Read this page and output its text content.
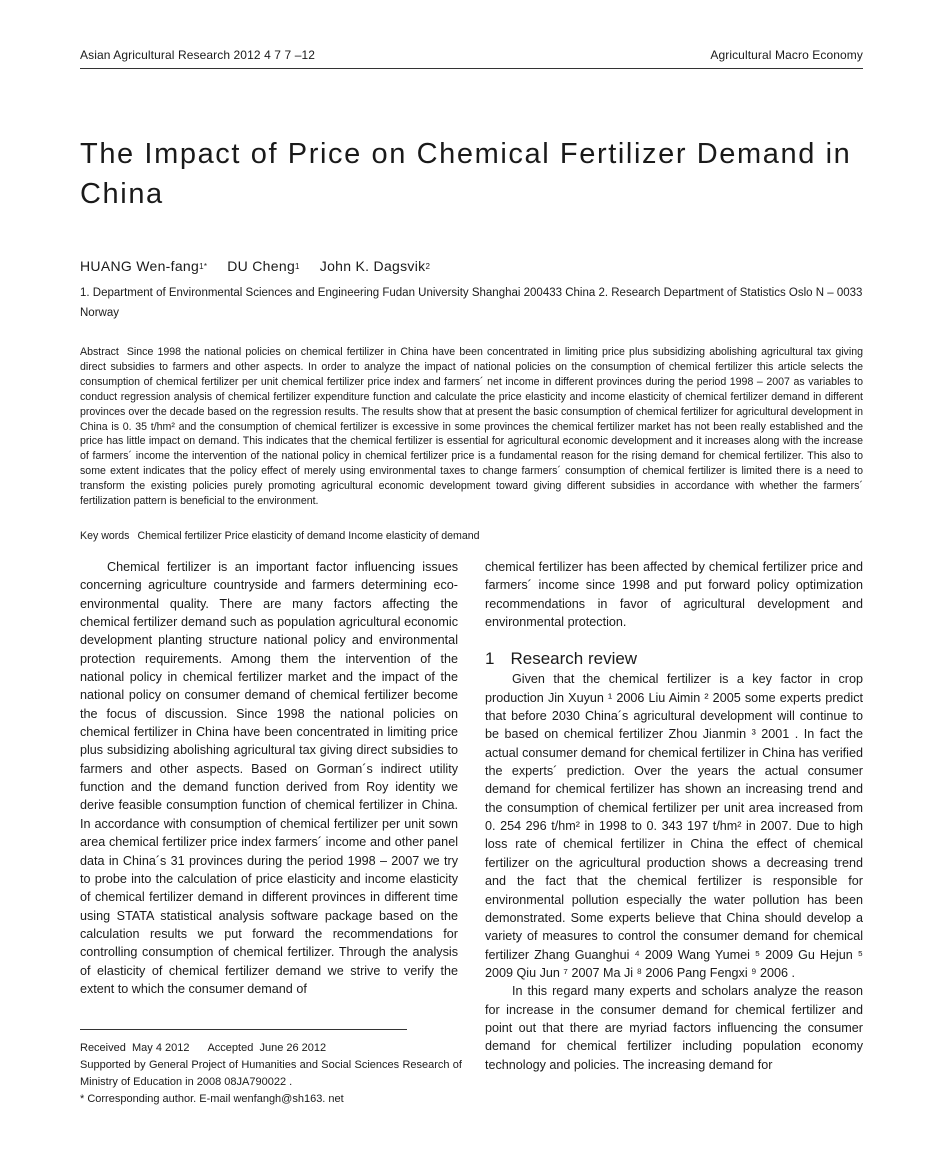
Asian Agricultural Research 2012 4 7 7 –12	Agricultural Macro Economy
The Impact of Price on Chemical Fertilizer Demand in China
HUANG Wen-fang$^{1*}$ DU Cheng$^1$ John K. Dagsvik$^2$
1. Department of Environmental Sciences and Engineering Fudan University Shanghai 200433 China 2. Research Department of Statistics Oslo N – 0033 Norway
Abstract Since 1998 the national policies on chemical fertilizer in China have been concentrated in limiting price plus subsidizing abolishing agricultural tax giving direct subsidies to farmers and other aspects. In order to analyze the impact of national policies on the consumption of chemical fertilizer this article selects the consumption of chemical fertilizer per unit chemical fertilizer price index and farmers´ net income in different provinces during the period 1998 – 2007 as variables to conduct regression analysis of chemical fertilizer expenditure function and calculate the price elasticity and income elasticity of chemical fertilizer demand in different provinces over the decade based on the regression results. The results show that at present the basic consumption of chemical fertilizer for agricultural development in China is 0. 35 t/hm² and the consumption of chemical fertilizer is excessive in some provinces the chemical fertilizer market has not been really established and the price has little impact on demand. This indicates that the chemical fertilizer is essential for agricultural economic development and it increases along with the increase of farmers´ income the intervention of the national policy in chemical fertilizer price is a fundamental reason for the rising demand for chemical fertilizer. This also to some extent indicates that the policy effect of merely using environmental taxes to change farmers´ consumption of chemical fertilizer is limited there is a need to transform the existing policies purely promoting agricultural economic development toward giving different subsidies in accordance with whether the farmers´ fertilization pattern is beneficial to the environment.
Key words Chemical fertilizer Price elasticity of demand Income elasticity of demand

Chemical fertilizer is an important factor influencing issues concerning agriculture countryside and farmers determining eco-environmental quality. There are many factors affecting the chemical fertilizer demand such as population agricultural economic development planting structure national policy and environmental protection requirements. Among them the intervention of the national policy in chemical fertilizer market and the impact of the national policy on consumer demand of chemical fertilizer become the focus of discussion. Since 1998 the national policies on chemical fertilizer in China have been concentrated in limiting price plus subsidizing abolishing agricultural tax giving direct subsidies to farmers and other aspects. Based on Gorman´s indirect utility function and the demand function derived from Roy identity we derive feasible consumption function of chemical fertilizer in China. In accordance with consumption of chemical fertilizer per unit sown area chemical fertilizer price index farmers´ income and other panel data in China´s 31 provinces during the period 1998 – 2007 we try to probe into the calculation of price elasticity and income elasticity of chemical fertilizer demand in different provinces in different time using STATA statistical analysis software package based on the calculation results we put forward the recommendations for controlling consumption of chemical fertilizer. Through the analysis of elasticity of chemical fertilizer demand we strive to verify the extent to which the consumer demand of

chemical fertilizer has been affected by chemical fertilizer price and farmers´ income since 1998 and put forward policy optimization recommendations in favor of agricultural development and environmental protection.

1 Research review

Given that the chemical fertilizer is a key factor in crop production Jin Xuyun ¹ 2006 Liu Aimin ² 2005 some experts predict that before 2030 China´s agricultural development will continue to be based on chemical fertilizer Zhou Jianmin ³ 2001 . In fact the actual consumer demand for chemical fertilizer in China has verified the experts´ prediction. Over the years the actual consumer demand for chemical fertilizer has shown an increasing trend and the consumption of chemical fertilizer per unit area increased from 0. 254 296 t/hm² in 1998 to 0. 343 197 t/hm² in 2007. Due to high loss rate of chemical fertilizer in China the effect of chemical fertilizer on the agricultural production shows a decreasing trend and the fact that the chemical fertilizer is responsible for environmental pollution especially the water pollution has been demonstrated. Some experts believe that China should develop a variety of measures to control the consumer demand for chemical fertilizer Zhang Guanghui ⁴ 2009 Wang Yumei ⁵ 2009 Gu Hejun ⁵ 2009 Qiu Jun ⁷ 2007 Ma Ji ⁸ 2006 Pang Fengxi ⁹ 2006 .

In this regard many experts and scholars analyze the reason for increase in the consumer demand for chemical fertilizer and point out that there are myriad factors influencing the consumer demand for chemical fertilizer including population economy technology and policies. The increasing demand for

Received May 4 2012 Accepted June 26 2012

Supported by General Project of Humanities and Social Sciences Research of Ministry of Education in 2008 08JA790022 .

* Corresponding author. E-mail wenfangh@sh163. net
